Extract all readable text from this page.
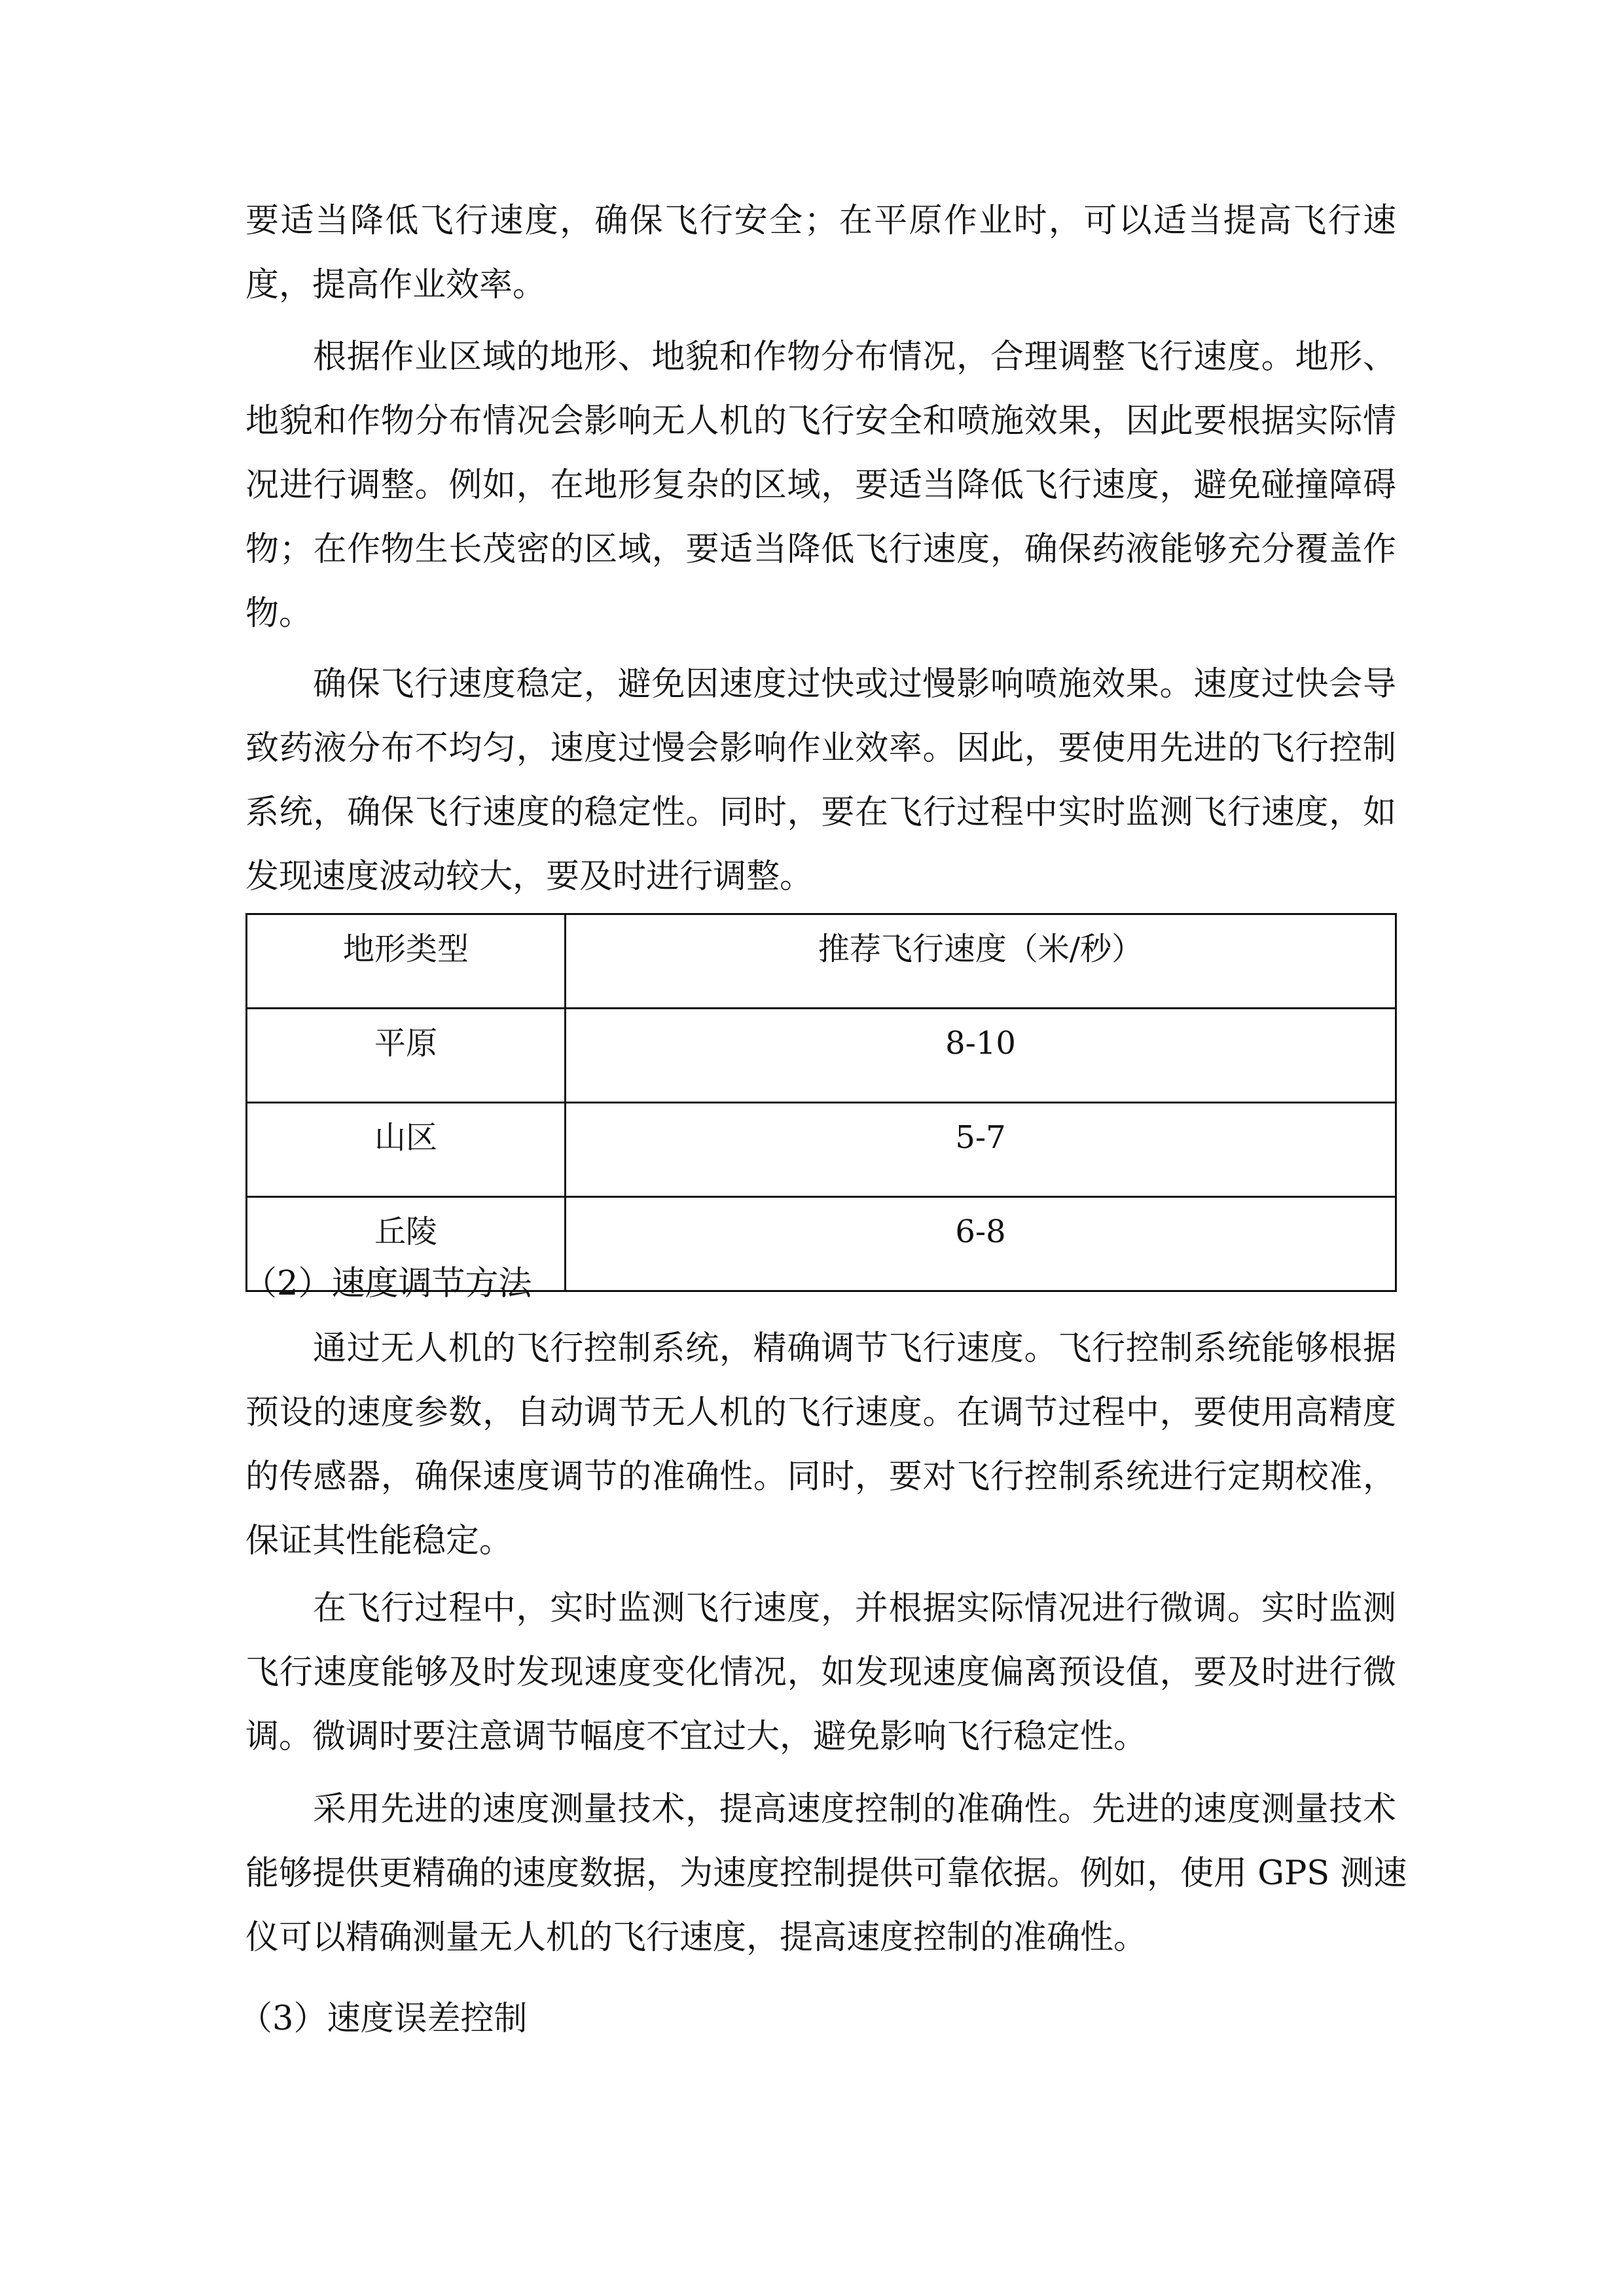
要适当降低飞行速度，确保飞行安全；在平原作业时，可以适当提高飞行速
度，提高作业效率。
根据作业区域的地形、地貌和作物分布情况，合理调整飞行速度。地形、
地貌和作物分布情况会影响无人机的飞行安全和喷施效果，因此要根据实际情
况进行调整。例如，在地形复杂的区域，要适当降低飞行速度，避免碰撞障碍
物；在作物生长茂密的区域，要适当降低飞行速度，确保药液能够充分覆盖作
物。
确保飞行速度稳定，避免因速度过快或过慢影响喷施效果。速度过快会导
致药液分布不均匀，速度过慢会影响作业效率。因此，要使用先进的飞行控制
系统，确保飞行速度的稳定性。同时，要在飞行过程中实时监测飞行速度，如
发现速度波动较大，要及时进行调整。
地形类型	推荐飞行速度（米/秒）
平原	8-10
山区	5-7
丘陵	6-8
（2）速度调节方法
通过无人机的飞行控制系统，精确调节飞行速度。飞行控制系统能够根据
预设的速度参数，自动调节无人机的飞行速度。在调节过程中，要使用高精度
的传感器，确保速度调节的准确性。同时，要对飞行控制系统进行定期校准，
保证其性能稳定。
在飞行过程中，实时监测飞行速度，并根据实际情况进行微调。实时监测
飞行速度能够及时发现速度变化情况，如发现速度偏离预设值，要及时进行微
调。微调时要注意调节幅度不宜过大，避免影响飞行稳定性。
采用先进的速度测量技术，提高速度控制的准确性。先进的速度测量技术
能够提供更精确的速度数据，为速度控制提供可靠依据。例如，使用 GPS 测速
仪可以精确测量无人机的飞行速度，提高速度控制的准确性。
（3）速度误差控制
